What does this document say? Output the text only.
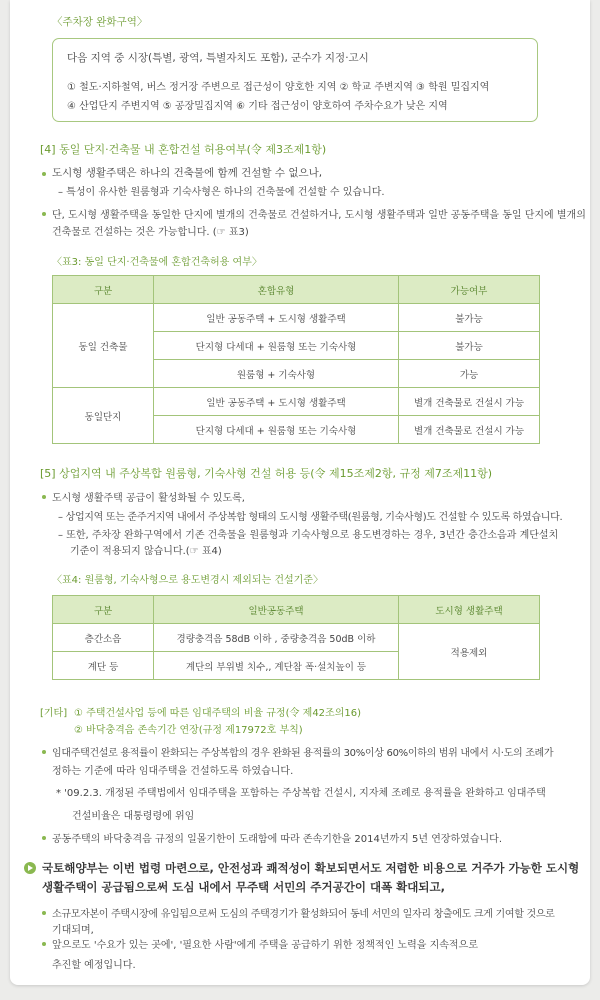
〈주차장 완화구역〉
다음 지역 중 시장(특별, 광역, 특별자치도 포함), 군수가 지정·고시
① 철도·지하철역, 버스 정거장 주변으로 접근성이 양호한 지역 ② 학교 주변지역 ③ 학원 밀집지역
④ 산업단지 주변지역 ⑤ 공장밀집지역 ⑥ 기타 접근성이 양호하여 주차수요가 낮은 지역
[4] 동일 단지·건축물 내 혼합건설 허용여부(令 제3조제1항)
도시형 생활주택은 하나의 건축물에 함께 건설할 수 없으나,
– 특성이 유사한 원룸형과 기숙사형은 하나의 건축물에 건설할 수 있습니다.
단, 도시형 생활주택을 동일한 단지에 별개의 건축물로 건설하거나, 도시형 생활주택과 일반 공동주택을 동일 단지에 별개의
건축물로 건설하는 것은 가능합니다. (☞ 표3)
〈표3: 동일 단지·건축물에 혼합건축허용 여부〉
구분	혼합유형	가능여부
동일 건축물	일반 공동주택 + 도시형 생활주택	불가능
	단지형 다세대 + 원룸형 또는 기숙사형	불가능
	원룸형 + 기숙사형	가능
동일단지	일반 공동주택 + 도시형 생활주택	별개 건축물로 건설시 가능
	단지형 다세대 + 원룸형 또는 기숙사형	별개 건축물로 건설시 가능
[5] 상업지역 내 주상복합 원룸형, 기숙사형 건설 허용 등(令 제15조제2항, 규정 제7조제11항)
도시형 생활주택 공급이 활성화될 수 있도록,
– 상업지역 또는 준주거지역 내에서 주상복합 형태의 도시형 생활주택(원룸형, 기숙사형)도 건설할 수 있도록 하였습니다.
– 또한, 주차장 완화구역에서 기존 건축물을 원룸형과 기숙사형으로 용도변경하는 경우, 3년간 층간소음과 계단설치
기준이 적용되지 않습니다.(☞ 표4)
〈표4: 원룸형, 기숙사형으로 용도변경시 제외되는 건설기준〉
구분	일반공동주택	도시형 생활주택
층간소음	경량충격음 58dB 이하 , 중량충격음 50dB 이하	적용제외
계단 등	계단의 부위별 치수,, 계단참 폭·설치높이 등	
[기타] ① 주택건설사업 등에 따른 임대주택의 비율 규정(令 제42조의16)
② 바닥충격음 존속기간 연장(규정 제17972호 부칙)
임대주택건설로 용적률이 완화되는 주상복합의 경우 완화된 용적률의 30%이상 60%이하의 범위 내에서 시·도의 조례가
정하는 기준에 따라 임대주택을 건설하도록 하였습니다.
* '09.2.3. 개정된 주택법에서 임대주택을 포함하는 주상복합 건설시, 지자체 조례로 용적률을 완화하고 임대주택
건설비율은 대통령령에 위임
공동주택의 바닥충격음 규정의 일몰기한이 도래함에 따라 존속기한을 2014년까지 5년 연장하였습니다.
국토해양부는 이번 법령 마련으로, 안전성과 쾌적성이 확보되면서도 저렴한 비용으로 거주가 가능한 도시형
생활주택이 공급됨으로써 도심 내에서 무주택 서민의 주거공간이 대폭 확대되고,
소규모자본이 주택시장에 유입됨으로써 도심의 주택경기가 활성화되어 동네 서민의 일자리 창출에도 크게 기여할 것으로
기대되며,
앞으로도 '수요가 있는 곳에', '필요한 사람'에게 주택을 공급하기 위한 정책적인 노력을 지속적으로
추진할 예정입니다.
